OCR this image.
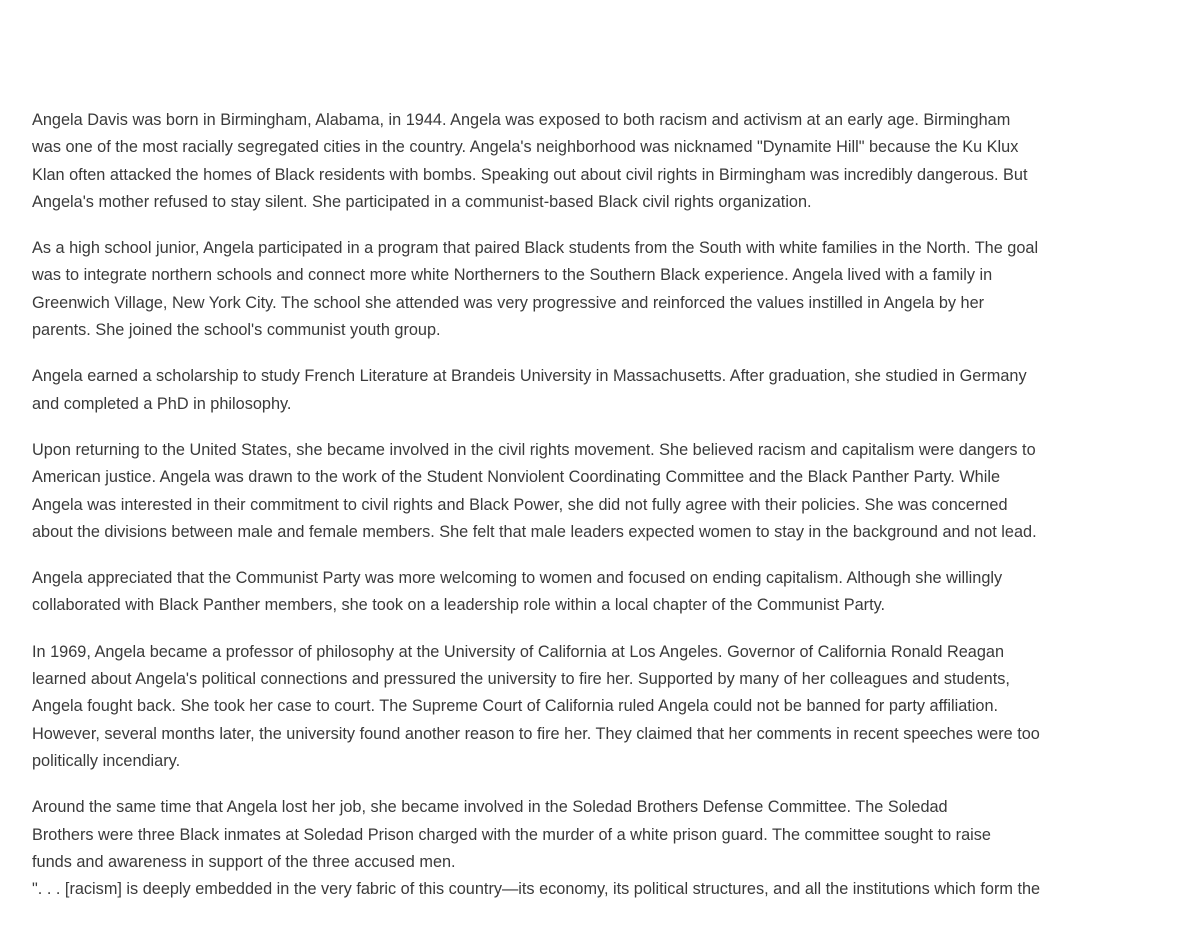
Angela Davis was born in Birmingham, Alabama, in 1944. Angela was exposed to both racism and activism at an early age. Birmingham
was one of the most racially segregated cities in the country. Angela's neighborhood was nicknamed "Dynamite Hill" because the Ku Klux
Klan often attacked the homes of Black residents with bombs. Speaking out about civil rights in Birmingham was incredibly dangerous. But
Angela's mother refused to stay silent. She participated in a communist-based Black civil rights organization.

As a high school junior, Angela participated in a program that paired Black students from the South with white families in the North. The goal
was to integrate northern schools and connect more white Northerners to the Southern Black experience. Angela lived with a family in
Greenwich Village, New York City. The school she attended was very progressive and reinforced the values instilled in Angela by her
parents. She joined the school's communist youth group.

Angela earned a scholarship to study French Literature at Brandeis University in Massachusetts. After graduation, she studied in Germany
and completed a PhD in philosophy.

Upon returning to the United States, she became involved in the civil rights movement. She believed racism and capitalism were dangers to
American justice. Angela was drawn to the work of the Student Nonviolent Coordinating Committee and the Black Panther Party. While
Angela was interested in their commitment to civil rights and Black Power, she did not fully agree with their policies. She was concerned
about the divisions between male and female members. She felt that male leaders expected women to stay in the background and not lead.

Angela appreciated that the Communist Party was more welcoming to women and focused on ending capitalism. Although she willingly
collaborated with Black Panther members, she took on a leadership role within a local chapter of the Communist Party.

In 1969, Angela became a professor of philosophy at the University of California at Los Angeles. Governor of California Ronald Reagan
learned about Angela's political connections and pressured the university to fire her. Supported by many of her colleagues and students,
Angela fought back. She took her case to court. The Supreme Court of California ruled Angela could not be banned for party affiliation.
However, several months later, the university found another reason to fire her. They claimed that her comments in recent speeches were too
politically incendiary.

Around the same time that Angela lost her job, she became involved in the Soledad Brothers Defense Committee. The Soledad
Brothers were three Black inmates at Soledad Prison charged with the murder of a white prison guard. The committee sought to raise
funds and awareness in support of the three accused men.

". . . [racism] is deeply embedded in the very fabric of this country—its economy, its political structures, and all the institutions which form the
